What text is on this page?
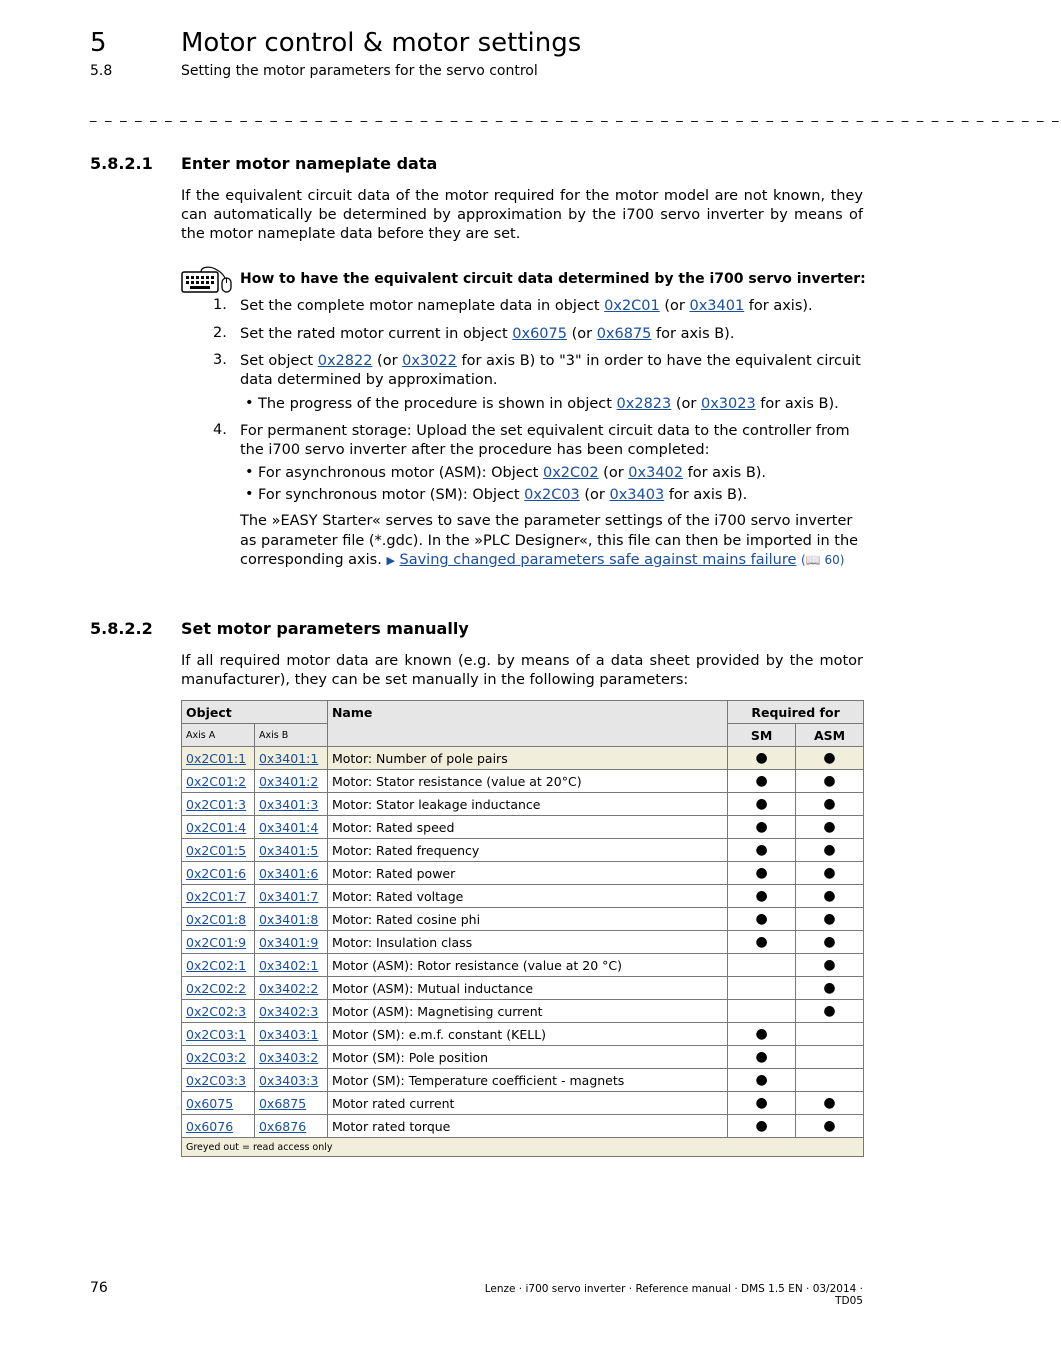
5	Motor control & motor settings
5.8	Setting the motor parameters for the servo control
_ _ _ _ _ _ _ _ _ _ _ _ _ _ _ _ _ _ _ _ _ _ _ _ _ _ _ _ _ _ _ _ _ _ _ _ _ _ _ _ _ _ _ _ _ _ _ _ _ _ _ _ _ _ _ _ _ _ _ _ _ _ _ _ _
5.8.2.1 Enter motor nameplate data
If the equivalent circuit data of the motor required for the motor model are not known, they can automatically be determined by approximation by the i700 servo inverter by means of the motor nameplate data before they are set.
How to have the equivalent circuit data determined by the i700 servo inverter:
1. Set the complete motor nameplate data in object 0x2C01 (or 0x3401 for axis).
2. Set the rated motor current in object 0x6075 (or 0x6875 for axis B).
3. Set object 0x2822 (or 0x3022 for axis B) to "3" in order to have the equivalent circuit data determined by approximation.
• The progress of the procedure is shown in object 0x2823 (or 0x3023 for axis B).
4. For permanent storage: Upload the set equivalent circuit data to the controller from the i700 servo inverter after the procedure has been completed:
• For asynchronous motor (ASM): Object 0x2C02 (or 0x3402 for axis B).
• For synchronous motor (SM): Object 0x2C03 (or 0x3403 for axis B).
The »EASY Starter« serves to save the parameter settings of the i700 servo inverter as parameter file (*.gdc). In the »PLC Designer«, this file can then be imported in the corresponding axis. ▶ Saving changed parameters safe against mains failure (📖 60)
5.8.2.2 Set motor parameters manually
If all required motor data are known (e.g. by means of a data sheet provided by the motor manufacturer), they can be set manually in the following parameters:
Object		Name	Required for	
Axis A	Axis B		SM	ASM
0x2C01:1	0x3401:1	Motor: Number of pole pairs	●	●
0x2C01:2	0x3401:2	Motor: Stator resistance (value at 20°C)	●	●
0x2C01:3	0x3401:3	Motor: Stator leakage inductance	●	●
0x2C01:4	0x3401:4	Motor: Rated speed	●	●
0x2C01:5	0x3401:5	Motor: Rated frequency	●	●
0x2C01:6	0x3401:6	Motor: Rated power	●	●
0x2C01:7	0x3401:7	Motor: Rated voltage	●	●
0x2C01:8	0x3401:8	Motor: Rated cosine phi	●	●
0x2C01:9	0x3401:9	Motor: Insulation class	●	●
0x2C02:1	0x3402:1	Motor (ASM): Rotor resistance (value at 20 °C)		●
0x2C02:2	0x3402:2	Motor (ASM): Mutual inductance		●
0x2C02:3	0x3402:3	Motor (ASM): Magnetising current		●
0x2C03:1	0x3403:1	Motor (SM): e.m.f. constant (KELL)	●	
0x2C03:2	0x3403:2	Motor (SM): Pole position	●	
0x2C03:3	0x3403:3	Motor (SM): Temperature coefficient - magnets	●	
0x6075	0x6875	Motor rated current	●	●
0x6076	0x6876	Motor rated torque	●	●
Greyed out = read access only				
76	Lenze · i700 servo inverter · Reference manual · DMS 1.5 EN · 03/2014 · TD05
